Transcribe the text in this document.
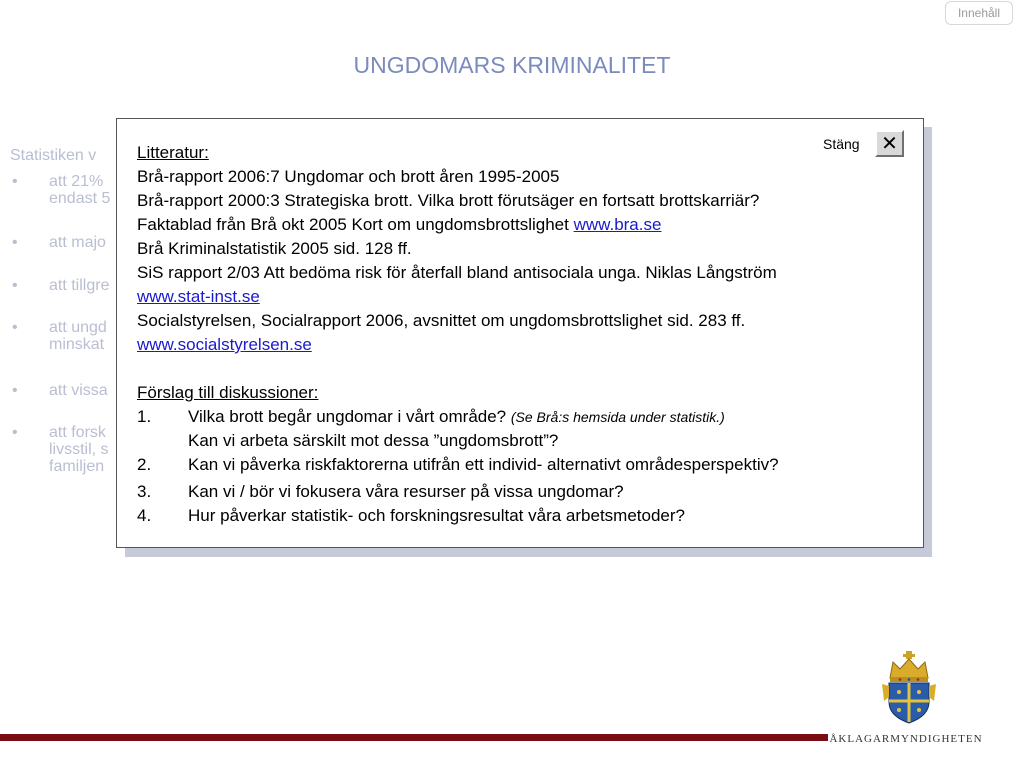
Innehåll
UNGDOMARS KRIMINALITET
Statistiken v
• att 21%
endast 5
• att majo
• att tillgre
• att ungd
minskat
• att vissa
• att forsk
livsstil, s
familjen
Stäng ✕
Litteratur:
Brå-rapport 2006:7 Ungdomar och brott åren 1995-2005
Brå-rapport 2000:3 Strategiska brott. Vilka brott förutsäger en fortsatt brottskarriär?
Faktablad från Brå okt 2005 Kort om ungdomsbrottslighet www.bra.se
Brå Kriminalstatistik 2005 sid. 128 ff.
SiS rapport 2/03 Att bedöma risk för återfall bland antisociala unga. Niklas Långström
www.stat-inst.se
Socialstyrelsen, Socialrapport 2006, avsnittet om ungdomsbrottslighet sid. 283 ff.
www.socialstyrelsen.se
Förslag till diskussioner:
1. Vilka brott begår ungdomar i vårt område? (Se Brå:s hemsida under statistik.)
Kan vi arbeta särskilt mot dessa ”ungdomsbrott”?
2. Kan vi påverka riskfaktorerna utifrån ett individ- alternativt områdesperspektiv?
3. Kan vi / bör vi fokusera våra resurser på vissa ungdomar?
4. Hur påverkar statistik- och forskningsresultat våra arbetsmetoder?
ÅKLAGARMYNDIGHETEN
